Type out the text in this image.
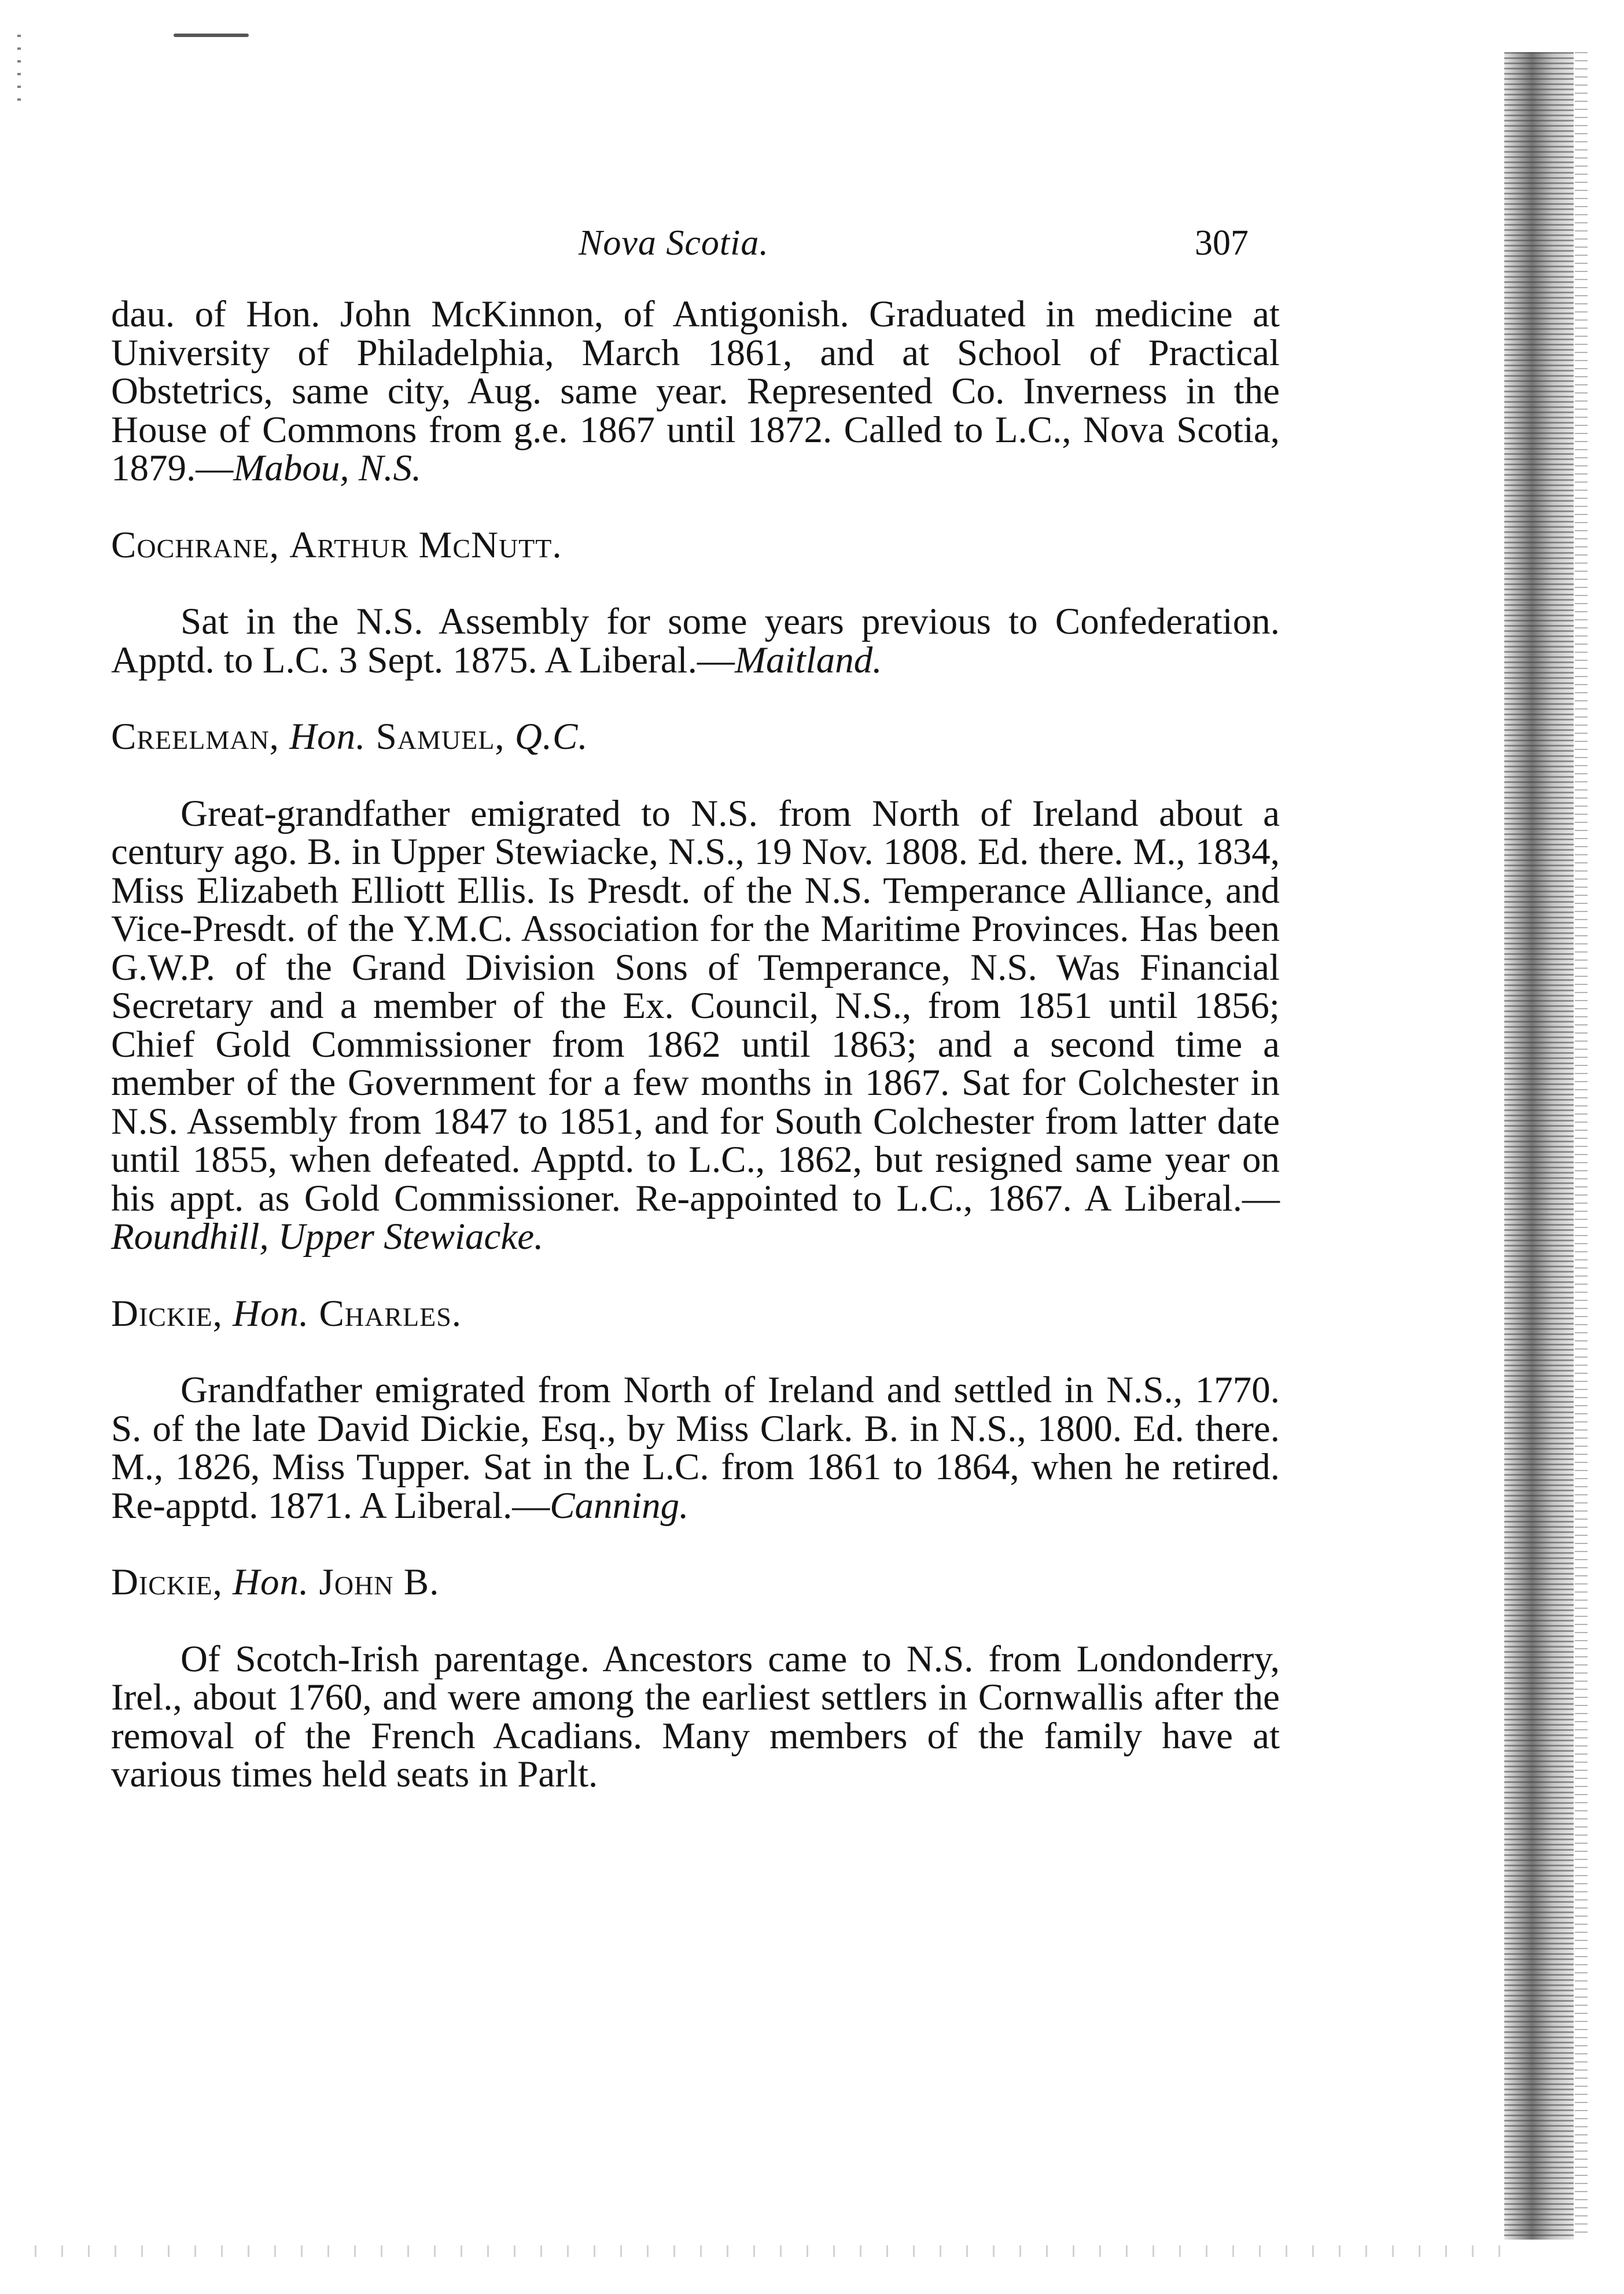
Nova Scotia.	307

dau. of Hon. John McKinnon, of Antigonish. Graduated in medicine at University of Philadelphia, March 1861, and at School of Practical Obstetrics, same city, Aug. same year. Represented Co. Inverness in the House of Commons from g.e. 1867 until 1872. Called to L.C., Nova Scotia, 1879.—Mabou, N.S.

Cochrane, Arthur McNutt.

Sat in the N.S. Assembly for some years previous to Confederation. Apptd. to L.C. 3 Sept. 1875. A Liberal.—Maitland.

Creelman, Hon. Samuel, Q.C.

Great-grandfather emigrated to N.S. from North of Ireland about a century ago. B. in Upper Stewiacke, N.S., 19 Nov. 1808. Ed. there. M., 1834, Miss Elizabeth Elliott Ellis. Is Presdt. of the N.S. Temperance Alliance, and Vice-Presdt. of the Y.M.C. Association for the Maritime Provinces. Has been G.W.P. of the Grand Division Sons of Temperance, N.S. Was Financial Secretary and a member of the Ex. Council, N.S., from 1851 until 1856; Chief Gold Commissioner from 1862 until 1863; and a second time a member of the Government for a few months in 1867. Sat for Colchester in N.S. Assembly from 1847 to 1851, and for South Colchester from latter date until 1855, when defeated. Apptd. to L.C., 1862, but resigned same year on his appt. as Gold Commissioner. Re-appointed to L.C., 1867. A Liberal.—Roundhill, Upper Stewiacke.

Dickie, Hon. Charles.

Grandfather emigrated from North of Ireland and settled in N.S., 1770. S. of the late David Dickie, Esq., by Miss Clark. B. in N.S., 1800. Ed. there. M., 1826, Miss Tupper. Sat in the L.C. from 1861 to 1864, when he retired. Re-apptd. 1871. A Liberal.—Canning.

Dickie, Hon. John B.

Of Scotch-Irish parentage. Ancestors came to N.S. from Londonderry, Irel., about 1760, and were among the earliest settlers in Cornwallis after the removal of the French Acadians. Many members of the family have at various times held seats in Parlt.
